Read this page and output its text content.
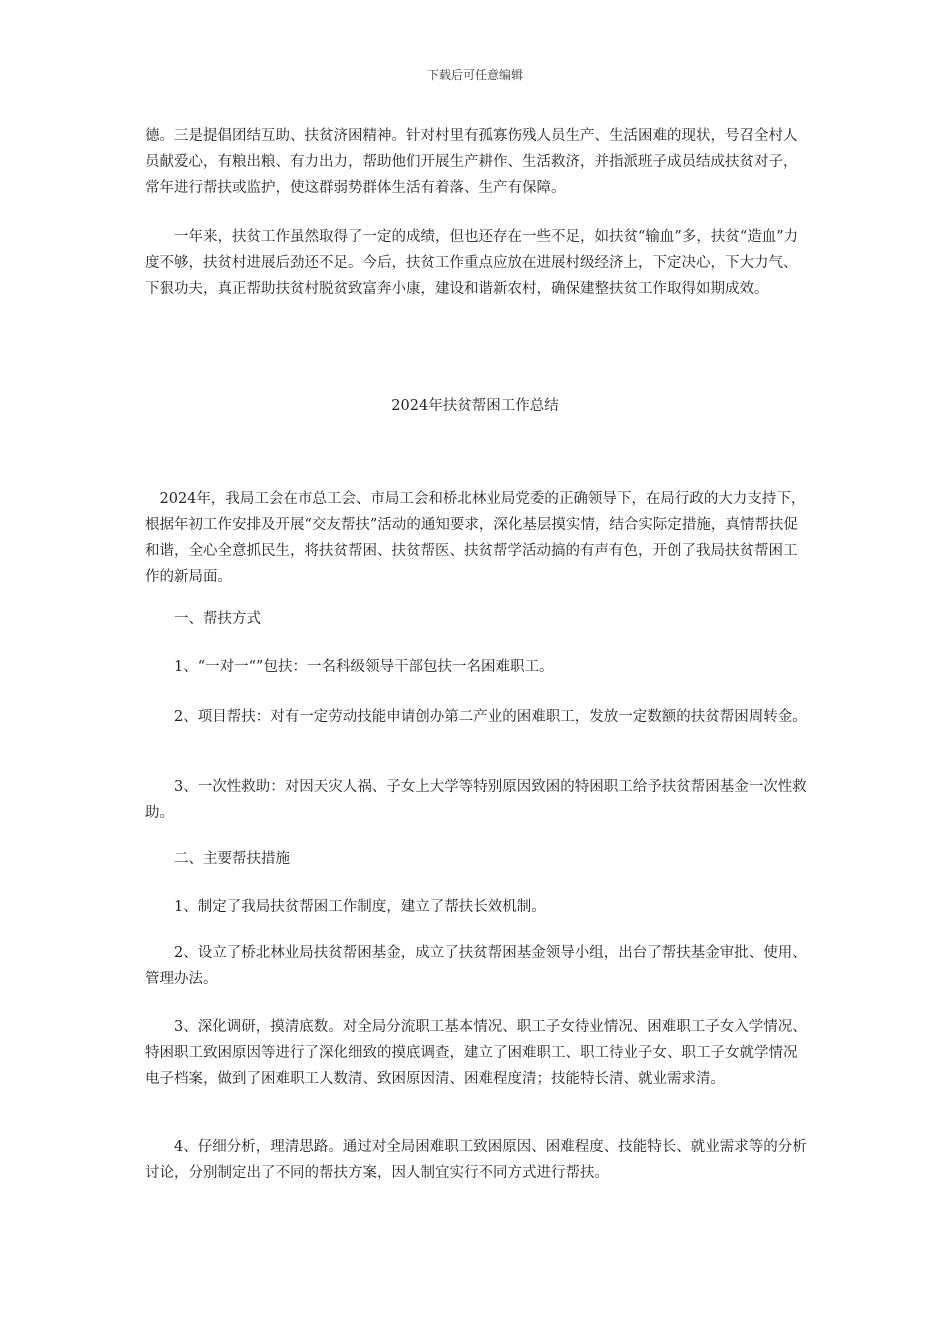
下载后可任意编辑

德。三是提倡团结互助、扶贫济困精神。针对村里有孤寡伤残人员生产、生活困难的现状，号召全村人员献爱心，有粮出粮、有力出力，帮助他们开展生产耕作、生活救济，并指派班子成员结成扶贫对子，常年进行帮扶或监护，使这群弱势群体生活有着落、生产有保障。

一年来，扶贫工作虽然取得了一定的成绩，但也还存在一些不足，如扶贫“输血”多，扶贫“造血”力度不够，扶贫村进展后劲还不足。今后，扶贫工作重点应放在进展村级经济上，下定决心，下大力气、下狠功夫，真正帮助扶贫村脱贫致富奔小康，建设和谐新农村，确保建整扶贫工作取得如期成效。

2024年扶贫帮困工作总结

2024年，我局工会在市总工会、市局工会和桥北林业局党委的正确领导下，在局行政的大力支持下，根据年初工作安排及开展“交友帮扶”活动的通知要求，深化基层摸实情，结合实际定措施，真情帮扶促和谐，全心全意抓民生，将扶贫帮困、扶贫帮医、扶贫帮学活动搞的有声有色，开创了我局扶贫帮困工作的新局面。

一、帮扶方式

1、“一对一“”包扶：一名科级领导干部包扶一名困难职工。

2、项目帮扶：对有一定劳动技能申请创办第二产业的困难职工，发放一定数额的扶贫帮困周转金。

3、一次性救助：对因天灾人祸、子女上大学等特别原因致困的特困职工给予扶贫帮困基金一次性救助。

二、主要帮扶措施

1、制定了我局扶贫帮困工作制度，建立了帮扶长效机制。

2、设立了桥北林业局扶贫帮困基金，成立了扶贫帮困基金领导小组，出台了帮扶基金审批、使用、管理办法。

3、深化调研，摸清底数。对全局分流职工基本情况、职工子女待业情况、困难职工子女入学情况、特困职工致困原因等进行了深化细致的摸底调查，建立了困难职工、职工待业子女、职工子女就学情况电子档案，做到了困难职工人数清、致困原因清、困难程度清；技能特长清、就业需求清。

4、仔细分析，理清思路。通过对全局困难职工致困原因、困难程度、技能特长、就业需求等的分析讨论，分别制定出了不同的帮扶方案，因人制宜实行不同方式进行帮扶。
